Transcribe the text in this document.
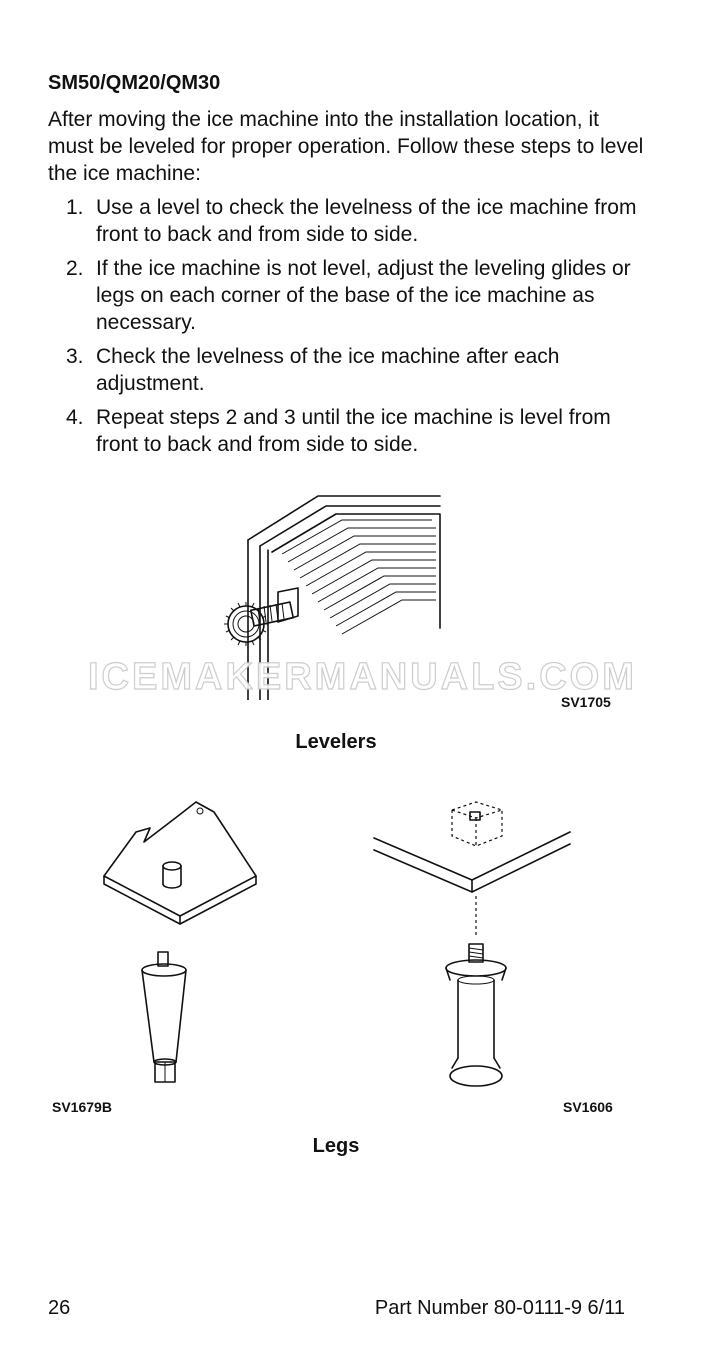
SM50/QM20/QM30

After moving the ice machine into the installation location, it must be leveled for proper operation. Follow these steps to level the ice machine:

1. Use a level to check the levelness of the ice machine from front to back and from side to side.
2. If the ice machine is not level, adjust the leveling glides or legs on each corner of the base of the ice machine as necessary.
3. Check the levelness of the ice machine after each adjustment.
4. Repeat steps 2 and 3 until the ice machine is level from front to back and from side to side.
ICEMAKERMANUALS.COM
SV1705
Levelers
SV1679B	SV1606
Legs
26	Part Number 80-0111-9 6/11
